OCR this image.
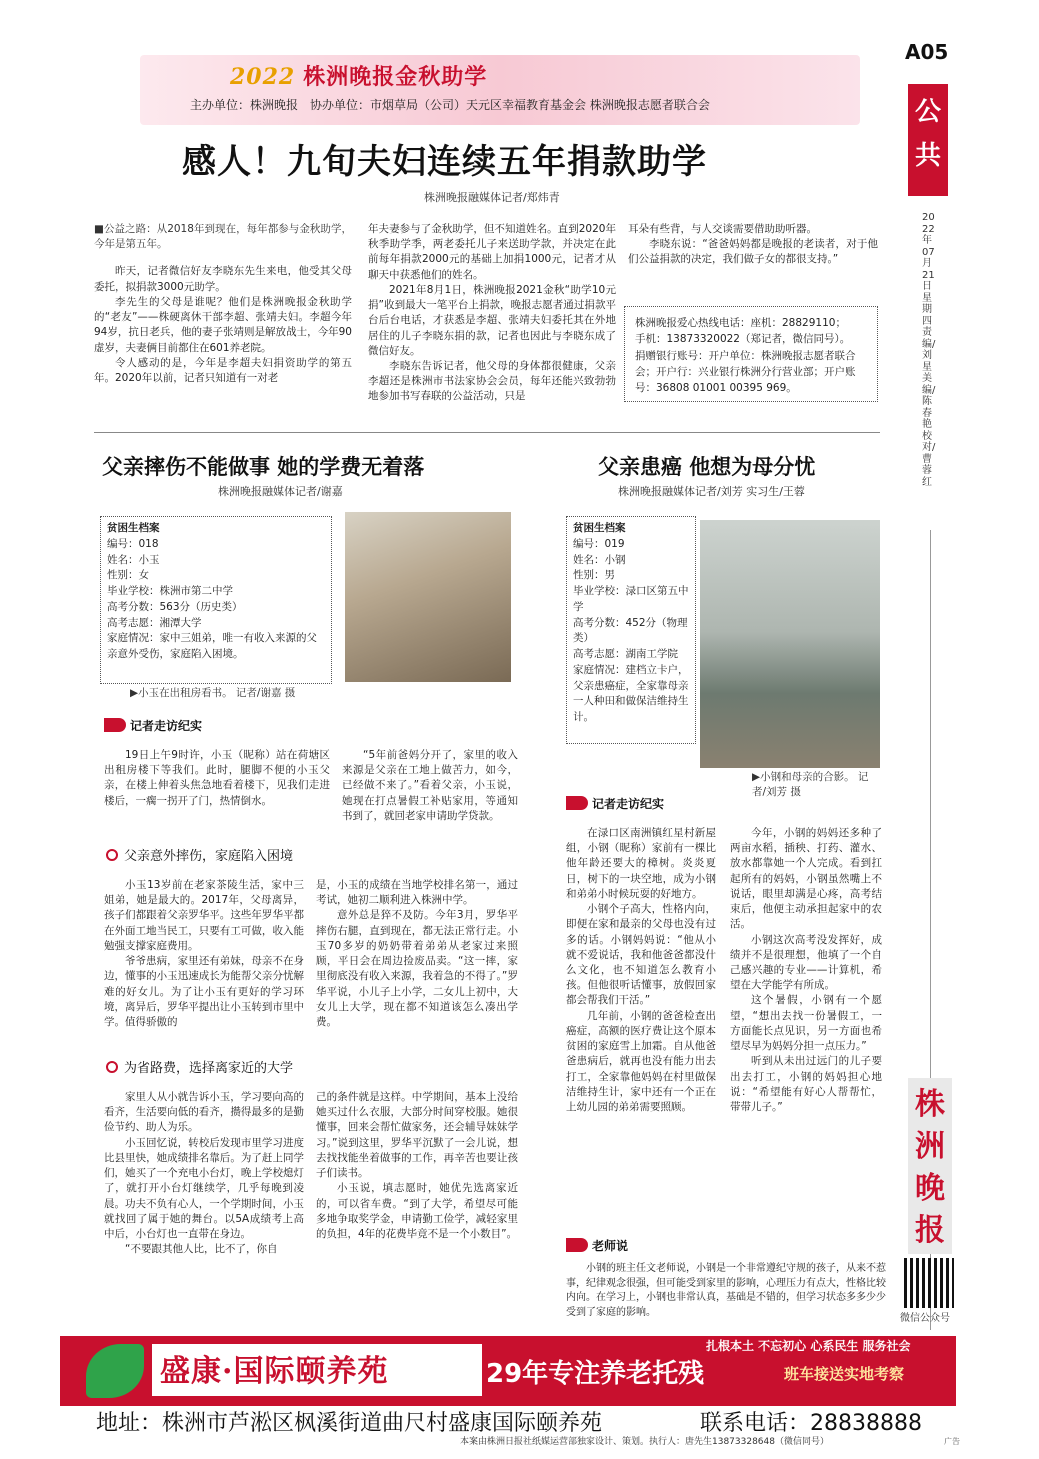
2022 株洲晚报金秋助学
主办单位：株洲晚报　协办单位：市烟草局（公司）天元区幸福教育基金会 株洲晚报志愿者联合会
A05
公共
2022年07月21日 星期四 责编/刘星 美编/陈春艳 校对/曹蓉红
株洲晚报
微信公众号
感人！九旬夫妇连续五年捐款助学
株洲晚报融媒体记者/郑炜青

■公益之路：从2018年到现在，每年都参与金秋助学，今年是第五年。

昨天，记者微信好友李晓东先生来电，他受其父母委托，拟捐款3000元助学。

李先生的父母是谁呢？他们是株洲晚报金秋助学的“老友”——株硬离休干部李超、张靖夫妇。李超今年94岁，抗日老兵，他的妻子张靖则是解放战士，今年90虚岁，夫妻俩目前都住在601养老院。

令人感动的是，今年是李超夫妇捐资助学的第五年。2020年以前，记者只知道有一对老

年夫妻参与了金秋助学，但不知道姓名。直到2020年秋季助学季，两老委托儿子来送助学款，并决定在此前每年捐款2000元的基础上加捐1000元，记者才从聊天中获悉他们的姓名。

2021年8月1日，株洲晚报2021金秋“助学10元捐”收到最大一笔平台上捐款，晚报志愿者通过捐款平台后台电话，才获悉是李超、张靖夫妇委托其在外地居住的儿子李晓东捐的款，记者也因此与李晓东成了微信好友。

李晓东告诉记者，他父母的身体都很健康，父亲李超还是株洲市书法家协会会员，每年还能兴致勃勃地参加书写春联的公益活动，只是

耳朵有些背，与人交谈需要借助助听器。

李晓东说：“爸爸妈妈都是晚报的老读者，对于他们公益捐款的决定，我们做子女的都很支持。”

株洲晚报爱心热线电话：座机：28829110；
手机：13873320022（郑记者，微信同号）。
捐赠银行账号：开户单位：株洲晚报志愿者联合会；开户行：兴业银行株洲分行营业部；开户账号：36808 01001 00395 969。
父亲摔伤不能做事 她的学费无着落
株洲晚报融媒体记者/谢嘉
贫困生档案
编号：018
姓名：小玉
性别：女
毕业学校：株洲市第二中学
高考分数：563分（历史类）
高考志愿：湘潭大学
家庭情况：家中三姐弟，唯一有收入来源的父亲意外受伤，家庭陷入困境。
▶小玉在出租房看书。 记者/谢嘉 摄
记者走访纪实

19日上午9时许，小玉（昵称）站在荷塘区出租房楼下等我们。此时，腿脚不便的小玉父亲，在楼上伸着头焦急地看着楼下，见我们走进楼后，一瘸一拐开了门，热情倒水。

“5年前爸妈分开了，家里的收入来源是父亲在工地上做苦力，如今，已经做不来了。”看着父亲，小玉说，她现在打点暑假工补贴家用，等通知书到了，就回老家申请助学贷款。

父亲意外摔伤，家庭陷入困境

小玉13岁前在老家茶陵生活，家中三姐弟，她是最大的。2017年，父母离异，孩子们都跟着父亲罗华平。这些年罗华平都在外面工地当民工，只要有工可做，收入能勉强支撑家庭费用。

爷爷患病，家里还有弟妹，母亲不在身边，懂事的小玉迅速成长为能帮父亲分忧解难的好女儿。为了让小玉有更好的学习环境，离异后，罗华平提出让小玉转到市里中学。值得骄傲的

是，小玉的成绩在当地学校排名第一，通过考试，她初二顺利进入株洲中学。

意外总是猝不及防。今年3月，罗华平摔伤右腿，直到现在，都无法正常行走。小玉70多岁的奶奶带着弟弟从老家过来照顾，平日会在周边捡废品卖。“这一摔，家里彻底没有收入来源，我着急的不得了。”罗华平说，小儿子上小学，二女儿上初中，大女儿上大学，现在都不知道该怎么凑出学费。

为省路费，选择离家近的大学

家里人从小就告诉小玉，学习要向高的看齐，生活要向低的看齐，攒得最多的是勤俭节约、助人为乐。

小玉回忆说，转校后发现市里学习进度比县里快，她成绩排名靠后。为了赶上同学们，她买了一个充电小台灯，晚上学校熄灯了，就打开小台灯继续学，几乎每晚到凌晨。功夫不负有心人，一个学期时间，小玉就找回了属于她的舞台。以5A成绩考上高中后，小台灯也一直带在身边。

“不要跟其他人比，比不了，你自

己的条件就是这样。中学期间，基本上没给她买过什么衣服，大部分时间穿校服。她很懂事，回来会帮忙做家务，还会辅导妹妹学习。”说到这里，罗华平沉默了一会儿说，想去找找能坐着做事的工作，再辛苦也要让孩子们读书。

小玉说，填志愿时，她优先选离家近的，可以省车费。“到了大学，希望尽可能多地争取奖学金，申请勤工俭学，减轻家里的负担，4年的花费毕竟不是一个小数目”。

父亲患癌 他想为母分忧
株洲晚报融媒体记者/刘芳 实习生/王蓉
贫困生档案
编号：019
姓名：小钢
性别：男
毕业学校：渌口区第五中学
高考分数：452分（物理类）
高考志愿：湖南工学院
家庭情况：建档立卡户，父亲患癌症，全家靠母亲一人种田和做保洁维持生计。
▶小钢和母亲的合影。 记者/刘芳 摄
记者走访纪实

在渌口区南洲镇红星村新屋组，小钢（昵称）家前有一棵比他年龄还要大的樟树。炎炎夏日，树下的一块空地，成为小钢和弟弟小时候玩耍的好地方。

小钢个子高大，性格内向，即便在家和最亲的父母也没有过多的话。小钢妈妈说：“他从小就不爱说话，我和他爸爸都没什么文化，也不知道怎么教育小孩。但他很听话懂事，放假回家都会帮我们干活。”

几年前，小钢的爸爸检查出癌症，高额的医疗费让这个原本贫困的家庭雪上加霜。自从他爸爸患病后，就再也没有能力出去打工，全家靠他妈妈在村里做保洁维持生计，家中还有一个正在上幼儿园的弟弟需要照顾。

今年，小钢的妈妈还多种了两亩水稻，插秧、打药、灌水、放水都靠她一个人完成。看到扛起所有的妈妈，小钢虽然嘴上不说话，眼里却满是心疼，高考结束后，他便主动承担起家中的农活。

小钢这次高考没发挥好，成绩并不是很理想，他填了一个自己感兴趣的专业——计算机，希望在大学能学有所成。

这个暑假，小钢有一个愿望，“想出去找一份暑假工，一方面能长点见识，另一方面也希望尽早为妈妈分担一点压力。”

听到从未出过远门的儿子要出去打工，小钢的妈妈担心地说：“希望能有好心人帮帮忙，带带儿子。”

老师说

小钢的班主任文老师说，小钢是一个非常遵纪守规的孩子，从来不惹事，纪律观念很强，但可能受到家里的影响，心理压力有点大，性格比较内向。在学习上，小钢也非常认真，基础是不错的，但学习状态多多少少受到了家庭的影响。

盛康·国际颐养苑
扎根本土 不忘初心 心系民生 服务社会
29年专注养老托残	班车接送实地考察
地址：株洲市芦淞区枫溪街道曲尺村盛康国际颐养苑	联系电话：28838888
本案由株洲日报社纸媒运营部独家设计、策划。执行人：唐先生13873328648（微信同号）	广告
